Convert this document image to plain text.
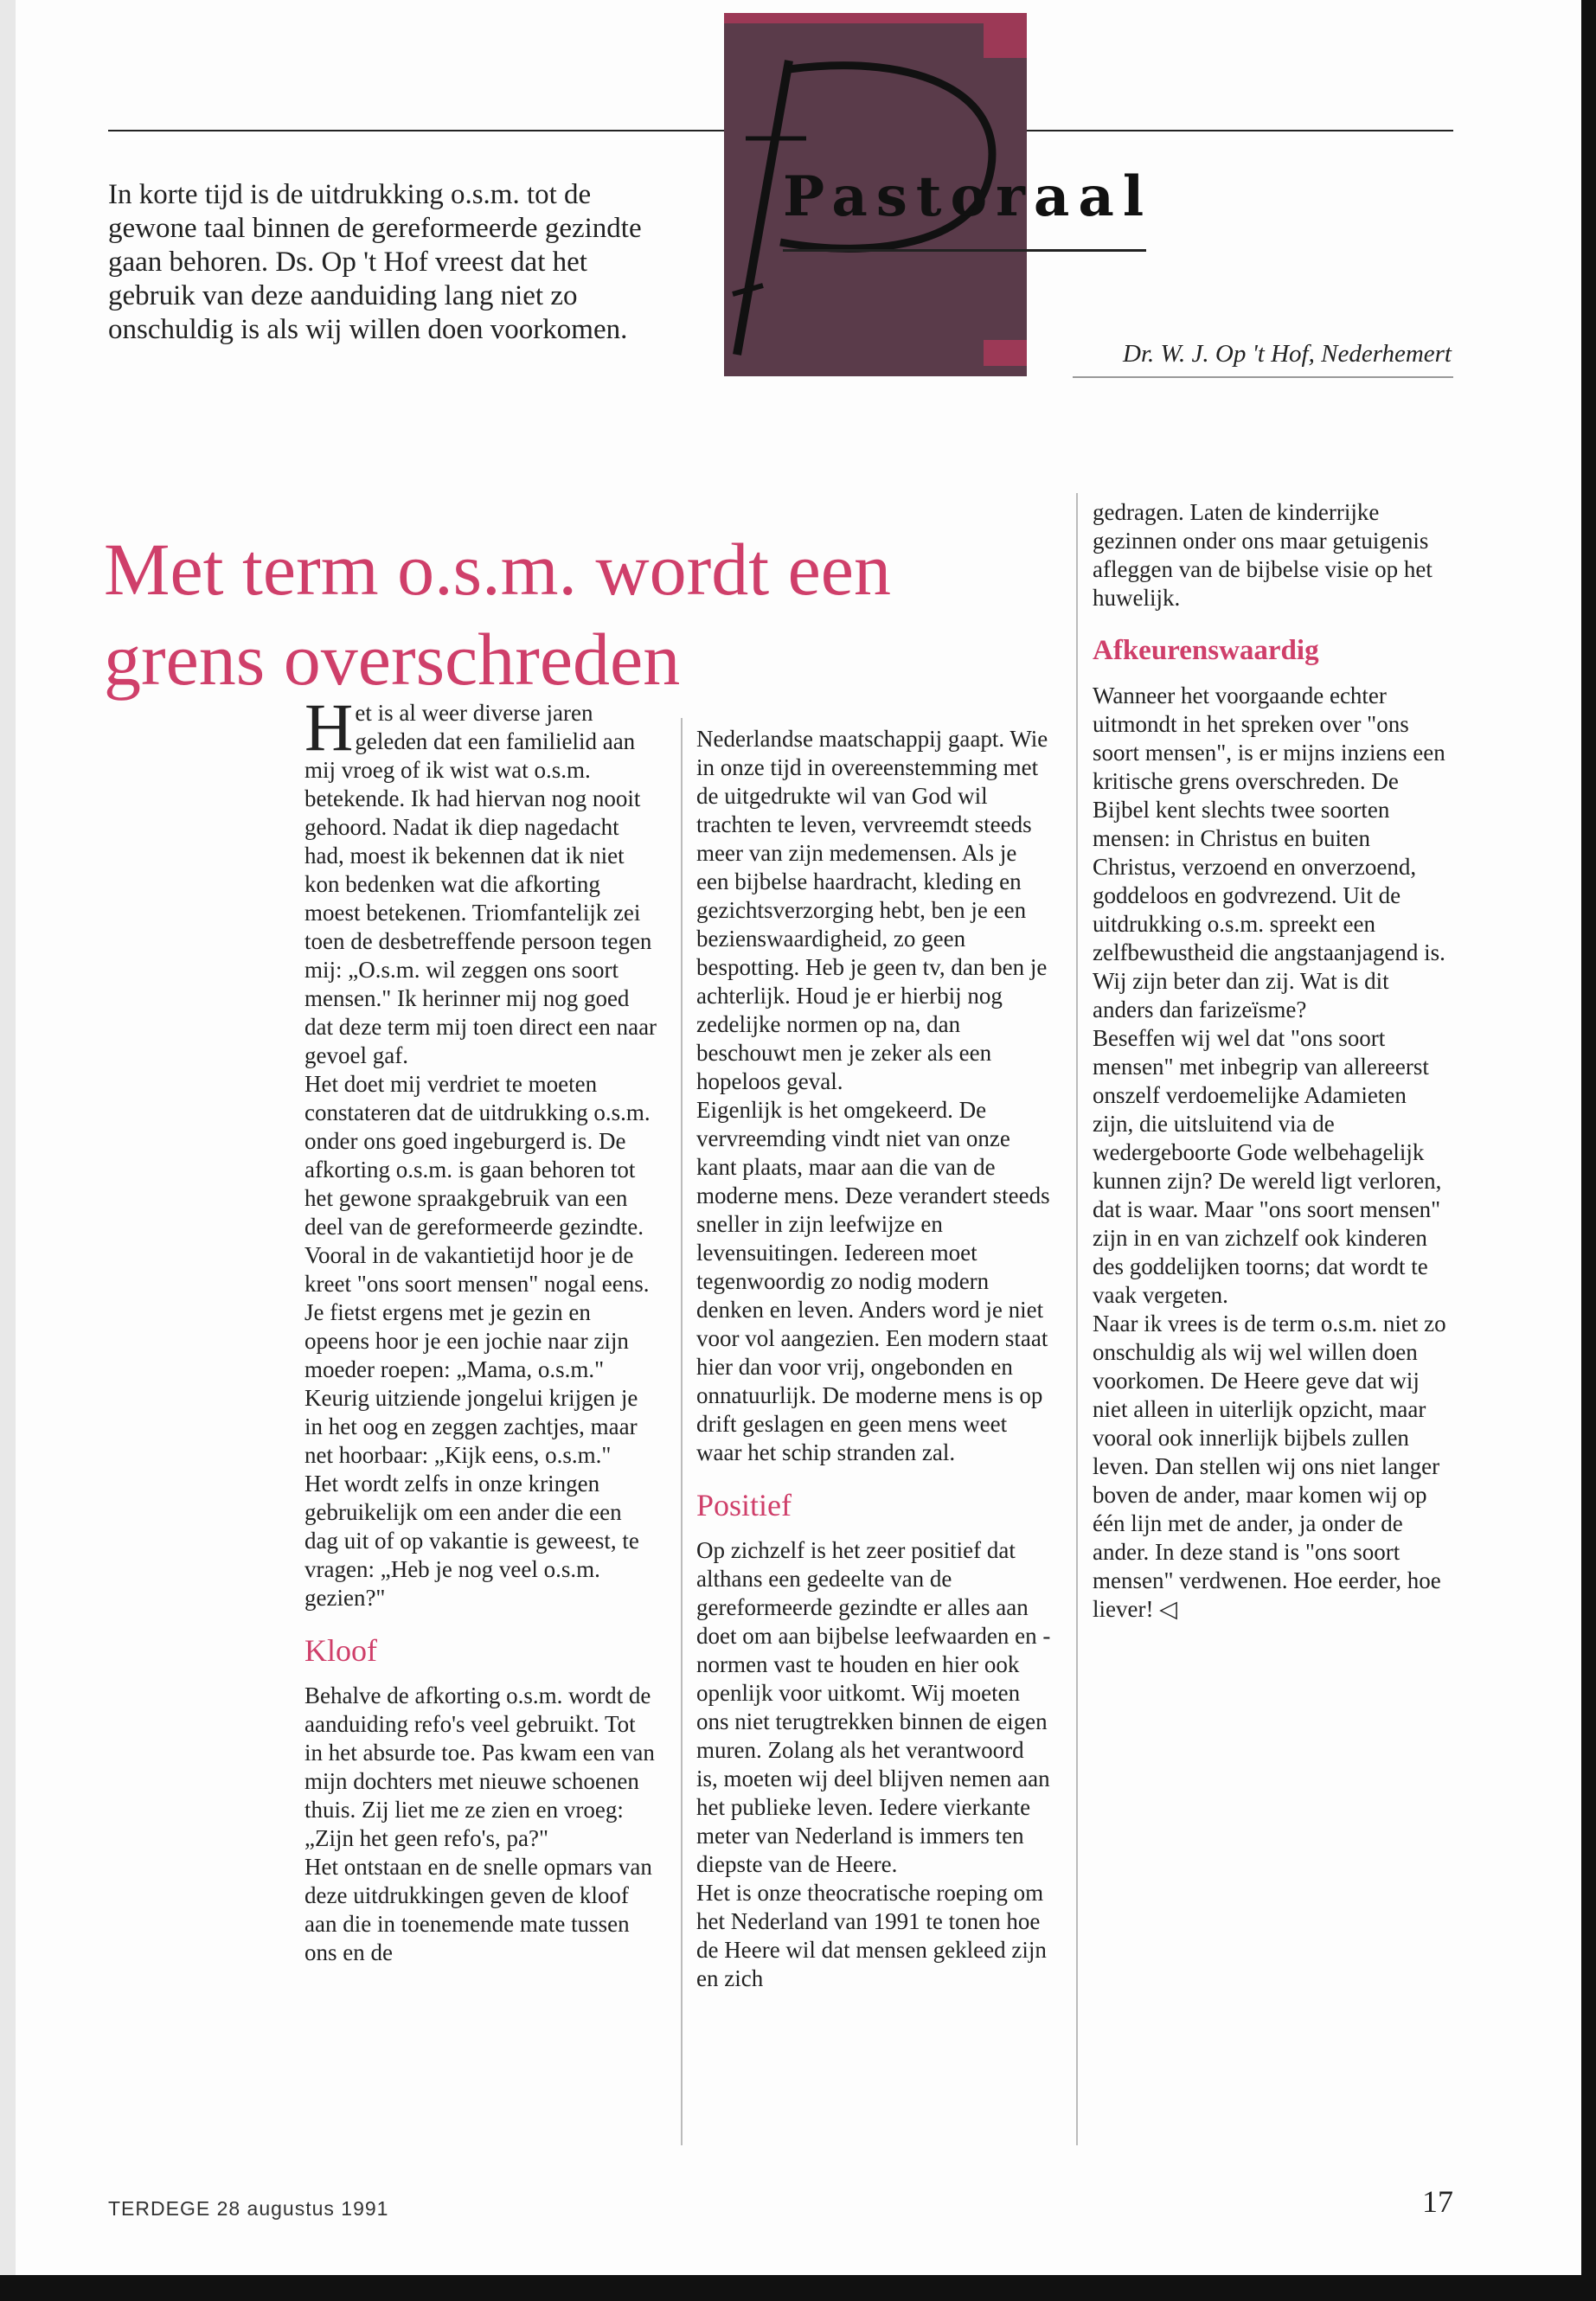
In korte tijd is de uitdrukking o.s.m. tot de gewone taal binnen de gereformeerde gezindte gaan behoren. Ds. Op 't Hof vreest dat het gebruik van deze aanduiding lang niet zo onschuldig is als wij willen doen voorkomen.
Pastoraal
Dr. W. J. Op 't Hof, Nederhemert
Met term o.s.m. wordt een grens overschreden

Het is al weer diverse jaren geleden dat een familielid aan mij vroeg of ik wist wat o.s.m. betekende. Ik had hiervan nog nooit gehoord. Nadat ik diep nagedacht had, moest ik bekennen dat ik niet kon bedenken wat die afkorting moest betekenen. Triomfantelijk zei toen de desbetreffende persoon tegen mij: „O.s.m. wil zeggen ons soort mensen." Ik herinner mij nog goed dat deze term mij toen direct een naar gevoel gaf.

Het doet mij verdriet te moeten constateren dat de uitdrukking o.s.m. onder ons goed ingeburgerd is. De afkorting o.s.m. is gaan behoren tot het gewone spraakgebruik van een deel van de gereformeerde gezindte.

Vooral in de vakantietijd hoor je de kreet "ons soort mensen" nogal eens. Je fietst ergens met je gezin en opeens hoor je een jochie naar zijn moeder roepen: „Mama, o.s.m." Keurig uitziende jongelui krijgen je in het oog en zeggen zachtjes, maar net hoorbaar: „Kijk eens, o.s.m."

Het wordt zelfs in onze kringen gebruikelijk om een ander die een dag uit of op vakantie is geweest, te vragen: „Heb je nog veel o.s.m. gezien?"

Kloof

Behalve de afkorting o.s.m. wordt de aanduiding refo's veel gebruikt. Tot in het absurde toe. Pas kwam een van mijn dochters met nieuwe schoenen thuis. Zij liet me ze zien en vroeg: „Zijn het geen refo's, pa?"

Het ontstaan en de snelle opmars van deze uitdrukkingen geven de kloof aan die in toenemende mate tussen ons en de

Nederlandse maatschappij gaapt. Wie in onze tijd in overeenstemming met de uitgedrukte wil van God wil trachten te leven, vervreemdt steeds meer van zijn medemensen. Als je een bijbelse haardracht, kleding en gezichtsverzorging hebt, ben je een bezienswaardigheid, zo geen bespotting. Heb je geen tv, dan ben je achterlijk. Houd je er hierbij nog zedelijke normen op na, dan beschouwt men je zeker als een hopeloos geval.

Eigenlijk is het omgekeerd. De vervreemding vindt niet van onze kant plaats, maar aan die van de moderne mens. Deze verandert steeds sneller in zijn leefwijze en levensuitingen. Iedereen moet tegenwoordig zo nodig modern denken en leven. Anders word je niet voor vol aangezien. Een modern staat hier dan voor vrij, ongebonden en onnatuurlijk. De moderne mens is op drift geslagen en geen mens weet waar het schip stranden zal.

Positief

Op zichzelf is het zeer positief dat althans een gedeelte van de gereformeerde gezindte er alles aan doet om aan bijbelse leefwaarden en -normen vast te houden en hier ook openlijk voor uitkomt. Wij moeten ons niet terugtrekken binnen de eigen muren. Zolang als het verantwoord is, moeten wij deel blijven nemen aan het publieke leven. Iedere vierkante meter van Nederland is immers ten diepste van de Heere.

Het is onze theocratische roeping om het Nederland van 1991 te tonen hoe de Heere wil dat mensen gekleed zijn en zich

gedragen. Laten de kinderrijke gezinnen onder ons maar getuigenis afleggen van de bijbelse visie op het huwelijk.

Afkeurenswaardig

Wanneer het voorgaande echter uitmondt in het spreken over "ons soort mensen", is er mijns inziens een kritische grens overschreden. De Bijbel kent slechts twee soorten mensen: in Christus en buiten Christus, verzoend en onverzoend, goddeloos en godvrezend. Uit de uitdrukking o.s.m. spreekt een zelfbewustheid die angstaanjagend is. Wij zijn beter dan zij. Wat is dit anders dan farizeïsme?

Beseffen wij wel dat "ons soort mensen" met inbegrip van allereerst onszelf verdoemelijke Adamieten zijn, die uitsluitend via de wedergeboorte Gode welbehagelijk kunnen zijn? De wereld ligt verloren, dat is waar. Maar "ons soort mensen" zijn in en van zichzelf ook kinderen des goddelijken toorns; dat wordt te vaak vergeten.

Naar ik vrees is de term o.s.m. niet zo onschuldig als wij wel willen doen voorkomen. De Heere geve dat wij niet alleen in uiterlijk opzicht, maar vooral ook innerlijk bijbels zullen leven. Dan stellen wij ons niet langer boven de ander, maar komen wij op één lijn met de ander, ja onder de ander. In deze stand is "ons soort mensen" verdwenen. Hoe eerder, hoe liever! ◁

TERDEGE 28 augustus 1991	17
